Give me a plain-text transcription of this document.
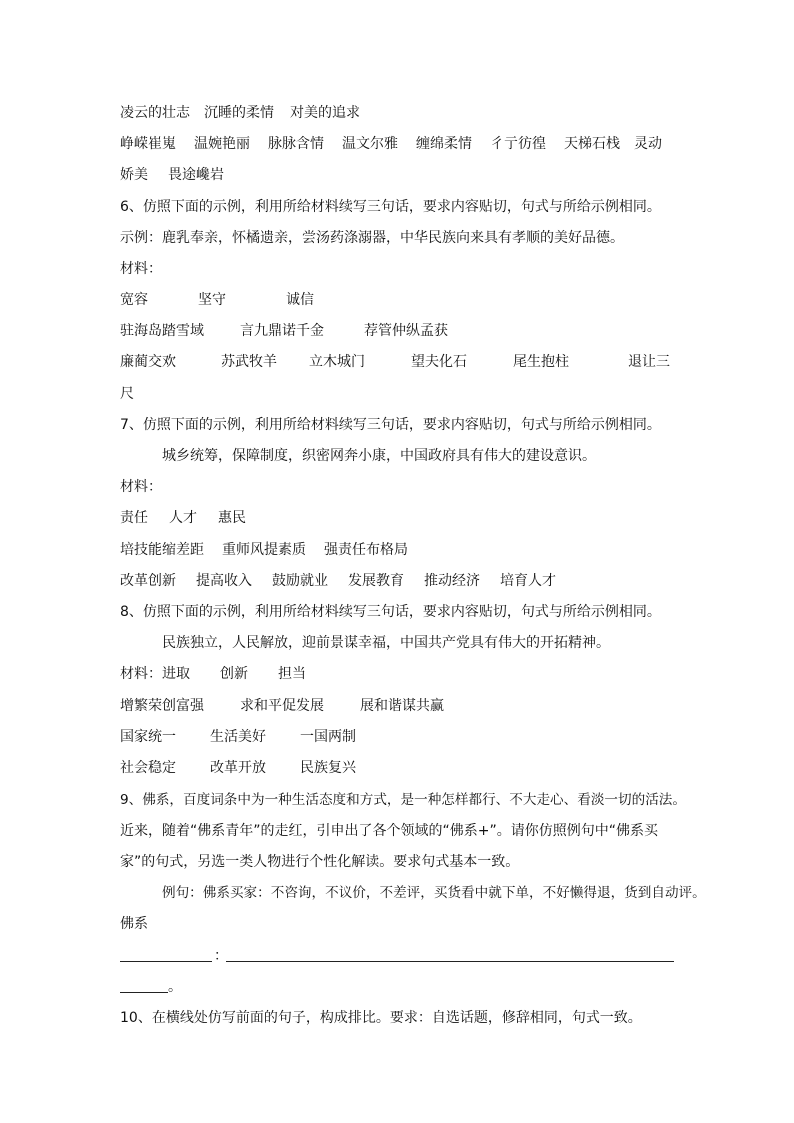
凌云的壮志 沉睡的柔情 对美的追求
峥嵘崔嵬 温婉艳丽 脉脉含情 温文尔雅 缠绵柔情 彳亍彷徨 天梯石栈 灵动
娇美 畏途巉岩
6、仿照下面的示例，利用所给材料续写三句话，要求内容贴切，句式与所给示例相同。
示例：鹿乳奉亲，怀橘遗亲，尝汤药涤溺器，中华民族向来具有孝顺的美好品德。
材料：
宽容	坚守	诚信
驻海岛踏雪域	言九鼎诺千金	荐管仲纵孟获
廉蔺交欢	苏武牧羊 立木城门	望夫化石	尾生抱柱	退让三
尺
7、仿照下面的示例，利用所给材料续写三句话，要求内容贴切，句式与所给示例相同。
城乡统筹，保障制度，织密网奔小康，中国政府具有伟大的建设意识。
材料：
责任 人才 惠民
培技能缩差距 重师风提素质 强责任布格局
改革创新 提高收入 鼓励就业 发展教育 推动经济 培育人才
8、仿照下面的示例，利用所给材料续写三句话，要求内容贴切，句式与所给示例相同。
民族独立，人民解放，迎前景谋幸福，中国共产党具有伟大的开拓精神。
材料：进取 创新 担当
增繁荣创富强	求和平促发展	展和谐谋共赢
国家统一 生活美好 一国两制
社会稳定 改革开放 民族复兴
9、佛系，百度词条中为一种生活态度和方式，是一种怎样都行、不大走心、看淡一切的活法。
近来，随着“佛系青年”的走红，引申出了各个领域的“佛系+”。请你仿照例句中“佛系买
家”的句式，另选一类人物进行个性化解读。要求句式基本一致。
例句：佛系买家：不咨询，不议价，不差评，买货看中就下单，不好懒得退，货到自动评。
佛系
：
。
10、在横线处仿写前面的句子，构成排比。要求：自选话题，修辞相同，句式一致。
